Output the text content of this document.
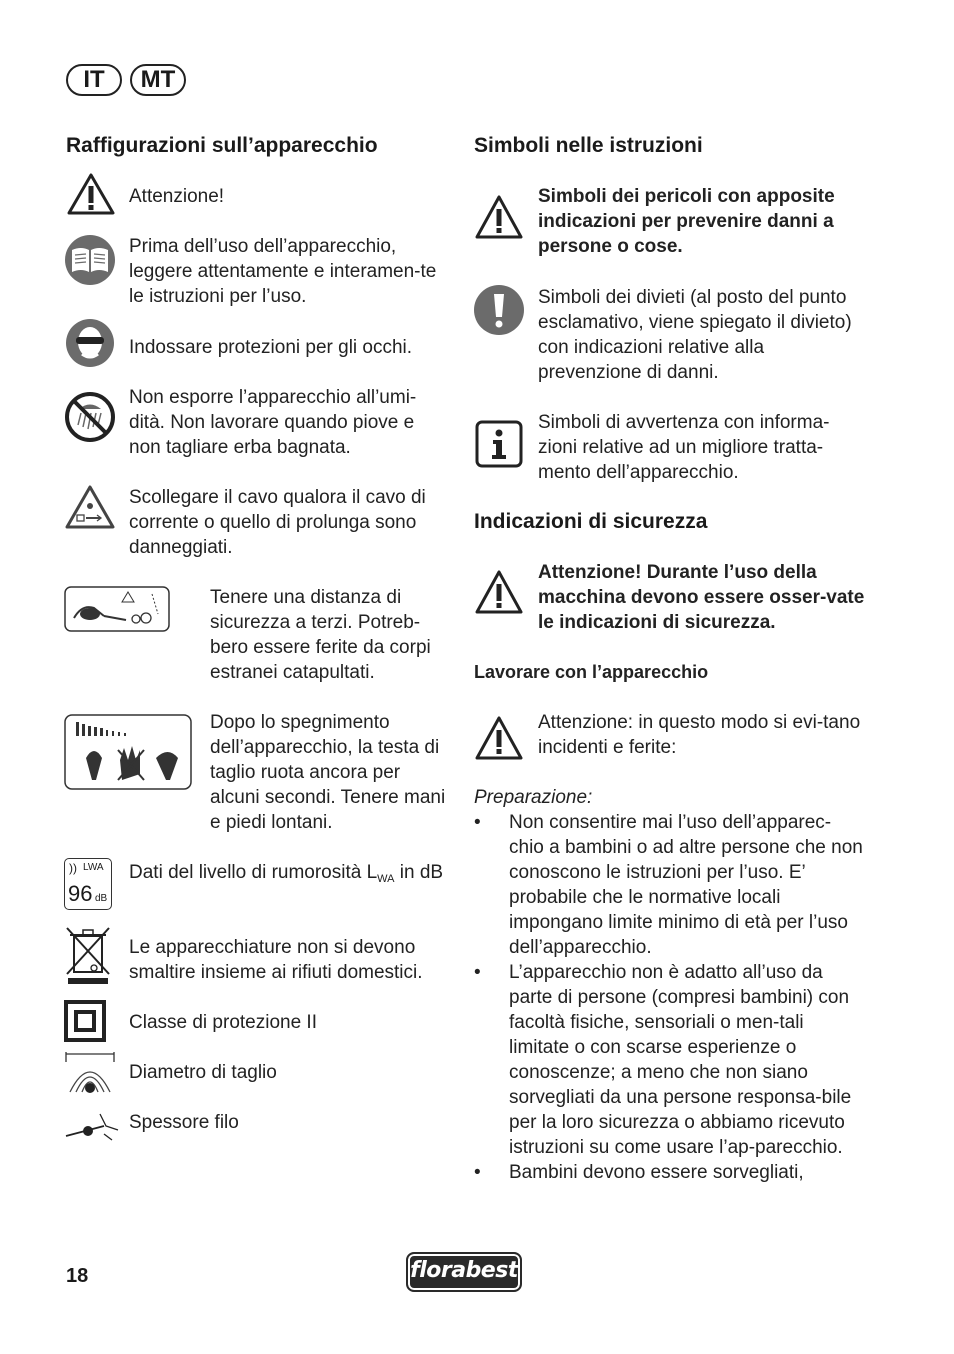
IT	MT
Raffigurazioni sull’apparecchio

Attenzione!

Prima dell’uso dell’apparecchio, leggere attentamente e interamen-te le istruzioni per l’uso.

Indossare protezioni per gli occhi.

Non esporre l’apparecchio all’umi-dità. Non lavorare quando piove e non tagliare erba bagnata.

Scollegare il cavo qualora il cavo di corrente o quello di prolunga sono danneggiati.

Tenere una distanza di sicurezza a terzi. Potreb-bero essere ferite da corpi estranei catapultati.

Dopo lo spegnimento dell’apparecchio, la testa di taglio ruota ancora per alcuni secondi. Tenere mani e piedi lontani.

)) LWA
96 dB

Dati del livello di rumorosità $L_{WA}$ in dB

Le apparecchiature non si devono smaltire insieme ai rifiuti domestici.

Classe di protezione II

Diametro di taglio

Spessore filo

Simboli nelle istruzioni

Simboli dei pericoli con apposite indicazioni per prevenire danni a persone o cose.

Simboli dei divieti (al posto del punto esclamativo, viene spiegato il divieto) con indicazioni relative alla prevenzione di danni.

Simboli di avvertenza con informa-zioni relative ad un migliore tratta-mento dell’apparecchio.

Indicazioni di sicurezza

Attenzione! Durante l’uso della macchina devono essere osser-vate le indicazioni di sicurezza.

Lavorare con l’apparecchio

Attenzione: in questo modo si evi-tano incidenti e ferite:

Preparazione:

• Non consentire mai l’uso dell’apparec-chio a bambini o ad altre persone che non conoscono le istruzioni per l’uso. E’ probabile che le normative locali impongano limite minimo di età per l’uso dell’apparecchio.
• L’apparecchio non è adatto all’uso da parte di persone (compresi bambini) con facoltà fisiche, sensoriali o men-tali limitate o con scarse esperienze o conoscenze; a meno che non siano sorvegliati da una persone responsa-bile per la loro sicurezza o abbiamo ricevuto istruzioni su come usare l’ap-parecchio.
• Bambini devono essere sorvegliati,
18	florabest
